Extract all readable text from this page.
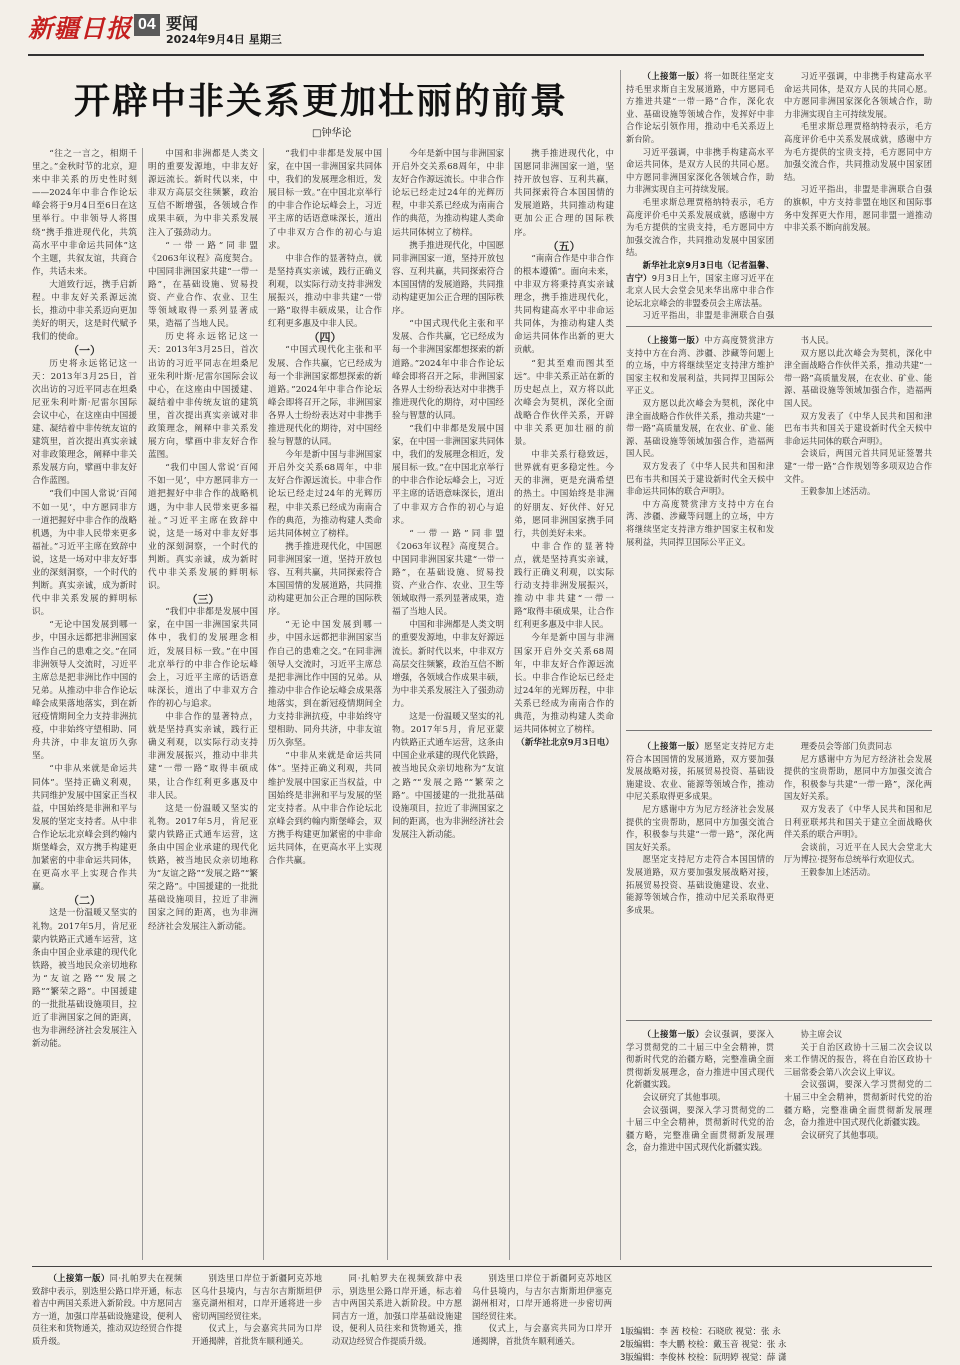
新疆日报 04 要闻
2024年9月4日 星期三
开辟中非关系更加壮丽的前景
□钟华论

“往之一言之，相期千里之。”金秋时节的北京，迎来中非关系的历史性时刻——2024年中非合作论坛峰会将于9月4日至6日在这里举行。中非领导人将围绕“携手推进现代化，共筑高水平中非命运共同体”这个主题，共叙友谊，共商合作，共话未来。

大道致行远，携手启新程。中非友好关系源远流长，推动中非关系迈向更加美好的明天，这是时代赋予我们的使命。

（一）

历史将永远铭记这一天：2013年3月25日，首次出访的习近平同志在坦桑尼亚朱利叶斯·尼雷尔国际会议中心，在这座由中国援建、凝结着中非传统友谊的建筑里，首次提出真实亲诚对非政策理念，阐释中非关系发展方向，擘画中非友好合作蓝图。

“我们中国人常说‘百闻不如一见’，中方愿同非方一道把握好中非合作的战略机遇，为中非人民带来更多福祉。”习近平主席在致辞中说，这是一场对中非友好事业的深刻洞察，一个时代的判断。真实亲诚，成为新时代中非关系发展的鲜明标识。

“无论中国发展到哪一步，中国永远都把非洲国家当作自己的患难之交。”在同非洲领导人交流时，习近平主席总是把非洲比作中国的兄弟。从推动中非合作论坛峰会成果落地落实，到在新冠疫情期间全力支持非洲抗疫，中非始终守望相助、同舟共济，中非友谊历久弥坚。

“中非从来就是命运共同体”。坚持正确义利观，共同维护发展中国家正当权益，中国始终是非洲和平与发展的坚定支持者。从中非合作论坛北京峰会到约翰内斯堡峰会，双方携手构建更加紧密的中非命运共同体，在更高水平上实现合作共赢。

（二）

这是一份温暖又坚实的礼物。2017年5月，肯尼亚蒙内铁路正式通车运营，这条由中国企业承建的现代化铁路，被当地民众亲切地称为“友谊之路”“发展之路”“繁荣之路”。中国援建的一批批基础设施项目，拉近了非洲国家之间的距离，也为非洲经济社会发展注入新动能。

中国和非洲都是人类文明的重要发源地，中非友好源远流长。新时代以来，中非双方高层交往频繁，政治互信不断增强，各领域合作成果丰硕，为中非关系发展注入了强劲动力。

“一带一路”同非盟《2063年议程》高度契合。中国同非洲国家共建“一带一路”，在基础设施、贸易投资、产业合作、农业、卫生等领域取得一系列显著成果，造福了当地人民。

历史将永远铭记这一天：2013年3月25日，首次出访的习近平同志在坦桑尼亚朱利叶斯·尼雷尔国际会议中心，在这座由中国援建、凝结着中非传统友谊的建筑里，首次提出真实亲诚对非政策理念，阐释中非关系发展方向，擘画中非友好合作蓝图。

“我们中国人常说‘百闻不如一见’，中方愿同非方一道把握好中非合作的战略机遇，为中非人民带来更多福祉。”习近平主席在致辞中说，这是一场对中非友好事业的深刻洞察，一个时代的判断。真实亲诚，成为新时代中非关系发展的鲜明标识。

（三）

“我们中非都是发展中国家，在中国一非洲国家共同体中，我们的发展理念相近，发展目标一致。”在中国北京举行的中非合作论坛峰会上，习近平主席的话语意味深长，道出了中非双方合作的初心与追求。

中非合作的显著特点，就是坚持真实亲诚，践行正确义利观，以实际行动支持非洲发展振兴，推动中非共建“一带一路”取得丰硕成果，让合作红利更多惠及中非人民。

这是一份温暖又坚实的礼物。2017年5月，肯尼亚蒙内铁路正式通车运营，这条由中国企业承建的现代化铁路，被当地民众亲切地称为“友谊之路”“发展之路”“繁荣之路”。中国援建的一批批基础设施项目，拉近了非洲国家之间的距离，也为非洲经济社会发展注入新动能。

“我们中非都是发展中国家，在中国一非洲国家共同体中，我们的发展理念相近，发展目标一致。”在中国北京举行的中非合作论坛峰会上，习近平主席的话语意味深长，道出了中非双方合作的初心与追求。

中非合作的显著特点，就是坚持真实亲诚，践行正确义利观，以实际行动支持非洲发展振兴，推动中非共建“一带一路”取得丰硕成果，让合作红利更多惠及中非人民。

（四）

“中国式现代化主张和平发展、合作共赢，它已经成为每一个非洲国家都想探索的新道路。”2024年中非合作论坛峰会即将召开之际，非洲国家各界人士纷纷表达对中非携手推进现代化的期待，对中国经验与智慧的认同。

今年是新中国与非洲国家开启外交关系68周年，中非友好合作源远流长。中非合作论坛已经走过24年的光辉历程，中非关系已经成为南南合作的典范，为推动构建人类命运共同体树立了榜样。

携手推进现代化，中国愿同非洲国家一道，坚持开放包容、互利共赢，共同探索符合本国国情的发展道路，共同推动构建更加公正合理的国际秩序。

“无论中国发展到哪一步，中国永远都把非洲国家当作自己的患难之交。”在同非洲领导人交流时，习近平主席总是把非洲比作中国的兄弟。从推动中非合作论坛峰会成果落地落实，到在新冠疫情期间全力支持非洲抗疫，中非始终守望相助、同舟共济，中非友谊历久弥坚。

“中非从来就是命运共同体”。坚持正确义利观，共同维护发展中国家正当权益，中国始终是非洲和平与发展的坚定支持者。从中非合作论坛北京峰会到约翰内斯堡峰会，双方携手构建更加紧密的中非命运共同体，在更高水平上实现合作共赢。

今年是新中国与非洲国家开启外交关系68周年，中非友好合作源远流长。中非合作论坛已经走过24年的光辉历程，中非关系已经成为南南合作的典范，为推动构建人类命运共同体树立了榜样。

携手推进现代化，中国愿同非洲国家一道，坚持开放包容、互利共赢，共同探索符合本国国情的发展道路，共同推动构建更加公正合理的国际秩序。

“中国式现代化主张和平发展、合作共赢，它已经成为每一个非洲国家都想探索的新道路。”2024年中非合作论坛峰会即将召开之际，非洲国家各界人士纷纷表达对中非携手推进现代化的期待，对中国经验与智慧的认同。

“我们中非都是发展中国家，在中国一非洲国家共同体中，我们的发展理念相近，发展目标一致。”在中国北京举行的中非合作论坛峰会上，习近平主席的话语意味深长，道出了中非双方合作的初心与追求。

“一带一路”同非盟《2063年议程》高度契合。中国同非洲国家共建“一带一路”，在基础设施、贸易投资、产业合作、农业、卫生等领域取得一系列显著成果，造福了当地人民。

中国和非洲都是人类文明的重要发源地，中非友好源远流长。新时代以来，中非双方高层交往频繁，政治互信不断增强，各领域合作成果丰硕，为中非关系发展注入了强劲动力。

这是一份温暖又坚实的礼物。2017年5月，肯尼亚蒙内铁路正式通车运营，这条由中国企业承建的现代化铁路，被当地民众亲切地称为“友谊之路”“发展之路”“繁荣之路”。中国援建的一批批基础设施项目，拉近了非洲国家之间的距离，也为非洲经济社会发展注入新动能。

携手推进现代化，中国愿同非洲国家一道，坚持开放包容、互利共赢，共同探索符合本国国情的发展道路，共同推动构建更加公正合理的国际秩序。

（五）

“南南合作是中非合作的根本遵循”。面向未来，中非双方将秉持真实亲诚理念，携手推进现代化，共同构建高水平中非命运共同体，为推动构建人类命运共同体作出新的更大贡献。

“犯其至难而图其至远”。中非关系正站在新的历史起点上，双方将以此次峰会为契机，深化全面战略合作伙伴关系，开辟中非关系更加壮丽的前景。

中非关系行稳致远，世界就有更多稳定性。今天的非洲，更是充满希望的热土。中国始终是非洲的好朋友、好伙伴、好兄弟，愿同非洲国家携手同行，共创美好未来。

中非合作的显著特点，就是坚持真实亲诚，践行正确义利观，以实际行动支持非洲发展振兴，推动中非共建“一带一路”取得丰硕成果，让合作红利更多惠及中非人民。

今年是新中国与非洲国家开启外交关系68周年，中非友好合作源远流长。中非合作论坛已经走过24年的光辉历程，中非关系已经成为南南合作的典范，为推动构建人类命运共同体树立了榜样。

（新华社北京9月3日电）

（上接第一版）将一如既往坚定支持毛里求斯自主发展道路，中方愿同毛方推进共建“一带一路”合作，深化农业、基础设施等领域合作，发挥好中非合作论坛引领作用，推动中毛关系迈上新台阶。

习近平强调，中非携手构建高水平命运共同体，是双方人民的共同心愿。中方愿同非洲国家深化各领域合作，助力非洲实现自主可持续发展。

毛里求斯总理贾格纳特表示，毛方高度评价毛中关系发展成就，感谢中方为毛方提供的宝贵支持，毛方愿同中方加强交流合作，共同推动发展中国家团结。

新华社北京9月3日电（记者温馨、吉宁）9月3日上午，国家主席习近平在北京人民大会堂会见来华出席中非合作论坛北京峰会的非盟委员会主席法基。

习近平指出，非盟是非洲联合自强

习近平强调，中非携手构建高水平命运共同体，是双方人民的共同心愿。中方愿同非洲国家深化各领域合作，助力非洲实现自主可持续发展。

毛里求斯总理贾格纳特表示，毛方高度评价毛中关系发展成就，感谢中方为毛方提供的宝贵支持，毛方愿同中方加强交流合作，共同推动发展中国家团结。

习近平指出，非盟是非洲联合自强的旗帜，中方支持非盟在地区和国际事务中发挥更大作用，愿同非盟一道推动中非关系不断向前发展。

（上接第一版）中方高度赞赏津方支持中方在台湾、涉疆、涉藏等问题上的立场，中方将继续坚定支持津方维护国家主权和发展利益，共同捍卫国际公平正义。

双方愿以此次峰会为契机，深化中津全面战略合作伙伴关系，推动共建“一带一路”高质量发展，在农业、矿业、能源、基础设施等领域加强合作，造福两国人民。

双方发表了《中华人民共和国和津巴布韦共和国关于建设新时代全天候中非命运共同体的联合声明》。

中方高度赞赏津方支持中方在台湾、涉疆、涉藏等问题上的立场，中方将继续坚定支持津方维护国家主权和发展利益，共同捍卫国际公平正义。

书人民。

双方愿以此次峰会为契机，深化中津全面战略合作伙伴关系，推动共建“一带一路”高质量发展，在农业、矿业、能源、基础设施等领域加强合作，造福两国人民。

双方发表了《中华人民共和国和津巴布韦共和国关于建设新时代全天候中非命运共同体的联合声明》。

会谈后，两国元首共同见证签署共建“一带一路”合作规划等多项双边合作文件。

王毅参加上述活动。

（上接第一版）愿坚定支持尼方走符合本国国情的发展道路，双方要加强发展战略对接，拓展贸易投资、基础设施建设、农业、能源等领域合作，推动中尼关系取得更多成果。

尼方感谢中方为尼方经济社会发展提供的宝贵帮助，愿同中方加强交流合作，积极参与共建“一带一路”，深化两国友好关系。

愿坚定支持尼方走符合本国国情的发展道路，双方要加强发展战略对接，拓展贸易投资、基础设施建设、农业、能源等领域合作，推动中尼关系取得更多成果。

理委员会等部门负责同志

尼方感谢中方为尼方经济社会发展提供的宝贵帮助，愿同中方加强交流合作，积极参与共建“一带一路”，深化两国友好关系。

双方发表了《中华人民共和国和尼日利亚联邦共和国关于建立全面战略伙伴关系的联合声明》。

会谈前，习近平在人民大会堂北大厅为博拉·提努布总统举行欢迎仪式。

王毅参加上述活动。

（上接第一版）会议强调，要深入学习贯彻党的二十届三中全会精神，贯彻新时代党的治疆方略，完整准确全面贯彻新发展理念，奋力推进中国式现代化新疆实践。

会议研究了其他事项。

会议强调，要深入学习贯彻党的二十届三中全会精神，贯彻新时代党的治疆方略，完整准确全面贯彻新发展理念，奋力推进中国式现代化新疆实践。

协主席会议

关于自治区政协十三届二次会议以来工作情况的报告，将在自治区政协十三届常委会第八次会议上审议。

会议强调，要深入学习贯彻党的二十届三中全会精神，贯彻新时代党的治疆方略，完整准确全面贯彻新发展理念，奋力推进中国式现代化新疆实践。

会议研究了其他事项。

（上接第一版）同·扎帕罗夫在视频致辞中表示，别迭里公路口岸开通，标志着吉中两国关系进入新阶段。中方愿同吉方一道，加强口岸基础设施建设，便利人员往来和货物通关，推动双边经贸合作提质升级。

别迭里口岸位于新疆阿克苏地区乌什县境内，与吉尔吉斯斯坦伊塞克湖州相对，口岸开通将进一步密切两国经贸往来。

仪式上，与会嘉宾共同为口岸开通揭牌，首批货车顺利通关。

同·扎帕罗夫在视频致辞中表示，别迭里公路口岸开通，标志着吉中两国关系进入新阶段。中方愿同吉方一道，加强口岸基础设施建设，便利人员往来和货物通关，推动双边经贸合作提质升级。

别迭里口岸位于新疆阿克苏地区乌什县境内，与吉尔吉斯斯坦伊塞克湖州相对，口岸开通将进一步密切两国经贸往来。

仪式上，与会嘉宾共同为口岸开通揭牌，首批货车顺利通关。

1版编辑：李 茜 校检：石晓欣 视觉：张 永
2版编辑：李大鹏 校检：戴玉音 视觉：张 永
3版编辑：李俊林 校检：阮明婷 视觉：薛 潇
